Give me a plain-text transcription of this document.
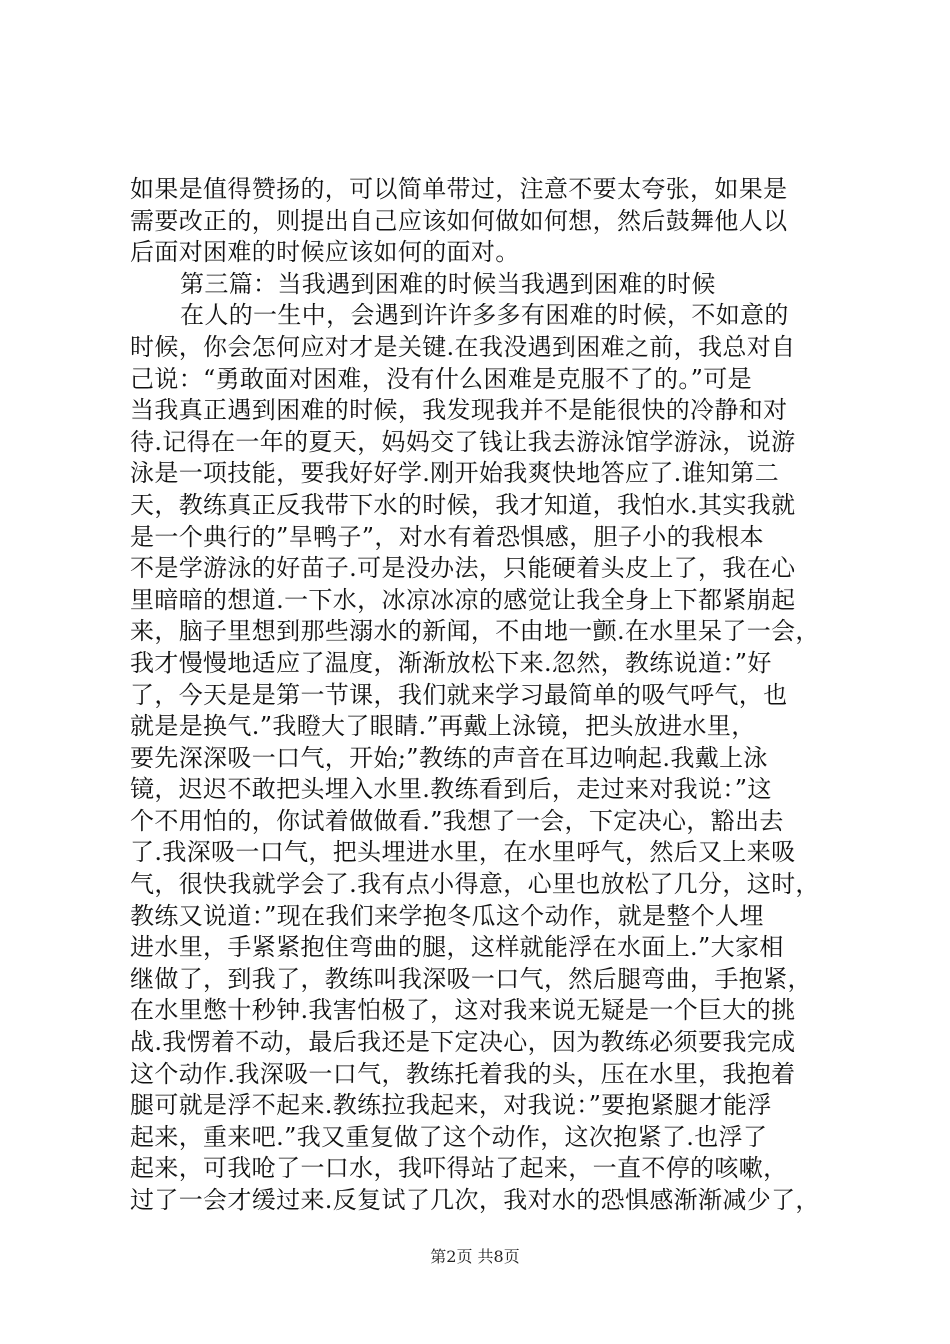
如果是值得赞扬的，可以简单带过，注意不要太夸张，如果是
需要改正的，则提出自己应该如何做如何想，然后鼓舞他人以
后面对困难的时候应该如何的面对。
第三篇：当我遇到困难的时候当我遇到困难的时候
在人的一生中，会遇到许许多多有困难的时候，不如意的
时候，你会怎何应对才是关键.在我没遇到困难之前，我总对自
己说：“勇敢面对困难，没有什么困难是克服不了的。”可是
当我真正遇到困难的时候，我发现我并不是能很快的冷静和对
待.记得在一年的夏天，妈妈交了钱让我去游泳馆学游泳，说游
泳是一项技能，要我好好学.刚开始我爽快地答应了.谁知第二
天，教练真正反我带下水的时候，我才知道，我怕水.其实我就
是一个典行的”旱鸭子”，对水有着恐惧感，胆子小的我根本
不是学游泳的好苗子.可是没办法，只能硬着头皮上了，我在心
里暗暗的想道.一下水，冰凉冰凉的感觉让我全身上下都紧崩起
来，脑子里想到那些溺水的新闻，不由地一颤.在水里呆了一会，
我才慢慢地适应了温度，渐渐放松下来.忽然，教练说道：”好
了，今天是是第一节课，我们就来学习最简单的吸气呼气，也
就是是换气.”我瞪大了眼睛.”再戴上泳镜，把头放进水里，
要先深深吸一口气，开始;”教练的声音在耳边响起.我戴上泳
镜，迟迟不敢把头埋入水里.教练看到后，走过来对我说：”这
个不用怕的，你试着做做看.”我想了一会，下定决心，豁出去
了.我深吸一口气，把头埋进水里，在水里呼气，然后又上来吸
气，很快我就学会了.我有点小得意，心里也放松了几分，这时，
教练又说道：”现在我们来学抱冬瓜这个动作，就是整个人埋
进水里，手紧紧抱住弯曲的腿，这样就能浮在水面上.”大家相
继做了，到我了，教练叫我深吸一口气，然后腿弯曲，手抱紧，
在水里憋十秒钟.我害怕极了，这对我来说无疑是一个巨大的挑
战.我愣着不动，最后我还是下定决心，因为教练必须要我完成
这个动作.我深吸一口气，教练托着我的头，压在水里，我抱着
腿可就是浮不起来.教练拉我起来，对我说：”要抱紧腿才能浮
起来，重来吧.”我又重复做了这个动作，这次抱紧了.也浮了
起来，可我呛了一口水，我吓得站了起来，一直不停的咳嗽，
过了一会才缓过来.反复试了几次，我对水的恐惧感渐渐减少了，
第2页 共8页
